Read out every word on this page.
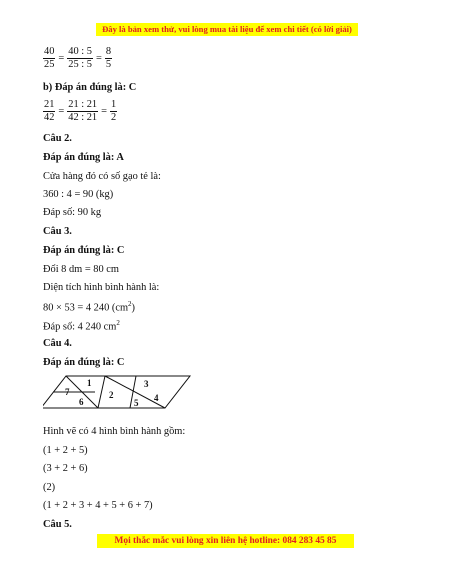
Đây là bản xem thử, vui lòng mua tài liệu để xem chi tiết (có lời giải)
$\frac{40}{25} = \frac{40 : 5}{25 : 5} = \frac{8}{5}$
b) Đáp án đúng là: C
$\frac{21}{42} = \frac{21 : 21}{42 : 21} = \frac{1}{2}$
Câu 2.
Đáp án đúng là: A
Cửa hàng đó có số gạo tẻ là:
360 : 4 = 90 (kg)
Đáp số: 90 kg
Câu 3.
Đáp án đúng là: C
Đổi 8 dm = 80 cm
Diện tích hình bình hành là:
80 × 53 = 4 240 $(cm^2)$
Đáp số: 4 240 $cm^2$
Câu 4.
Đáp án đúng là: C
1
2
3
4
5
6
7
Hình vẽ có 4 hình bình hành gồm:
(1 + 2 + 5)
(3 + 2 + 6)
(2)
(1 + 2 + 3 + 4 + 5 + 6 + 7)
Câu 5.
Mọi thắc mắc vui lòng xin liên hệ hotline: 084 283 45 85
